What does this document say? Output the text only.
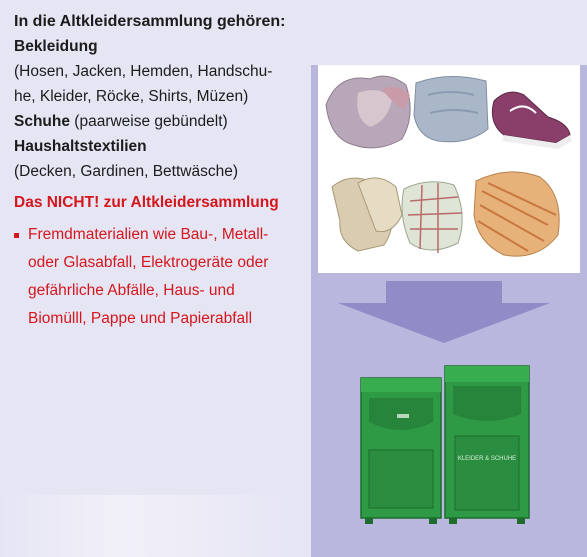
In die Altkleidersammlung gehören:
Bekleidung
(Hosen, Jacken, Hemden, Handschu-
he, Kleider, Röcke, Shirts, Müzen)
Schuhe (paarweise gebündelt)
Haushaltstextilien
(Decken, Gardinen, Bettwäsche)
Das NICHT! zur Altkleidersammlung
Fremdmaterialien wie Bau-, Metall-
oder Glasabfall, Elektrogeräte oder
gefährliche Abfälle, Haus- und
Biomülll, Pappe und Papierabfall
KLEIDER & SCHUHE
